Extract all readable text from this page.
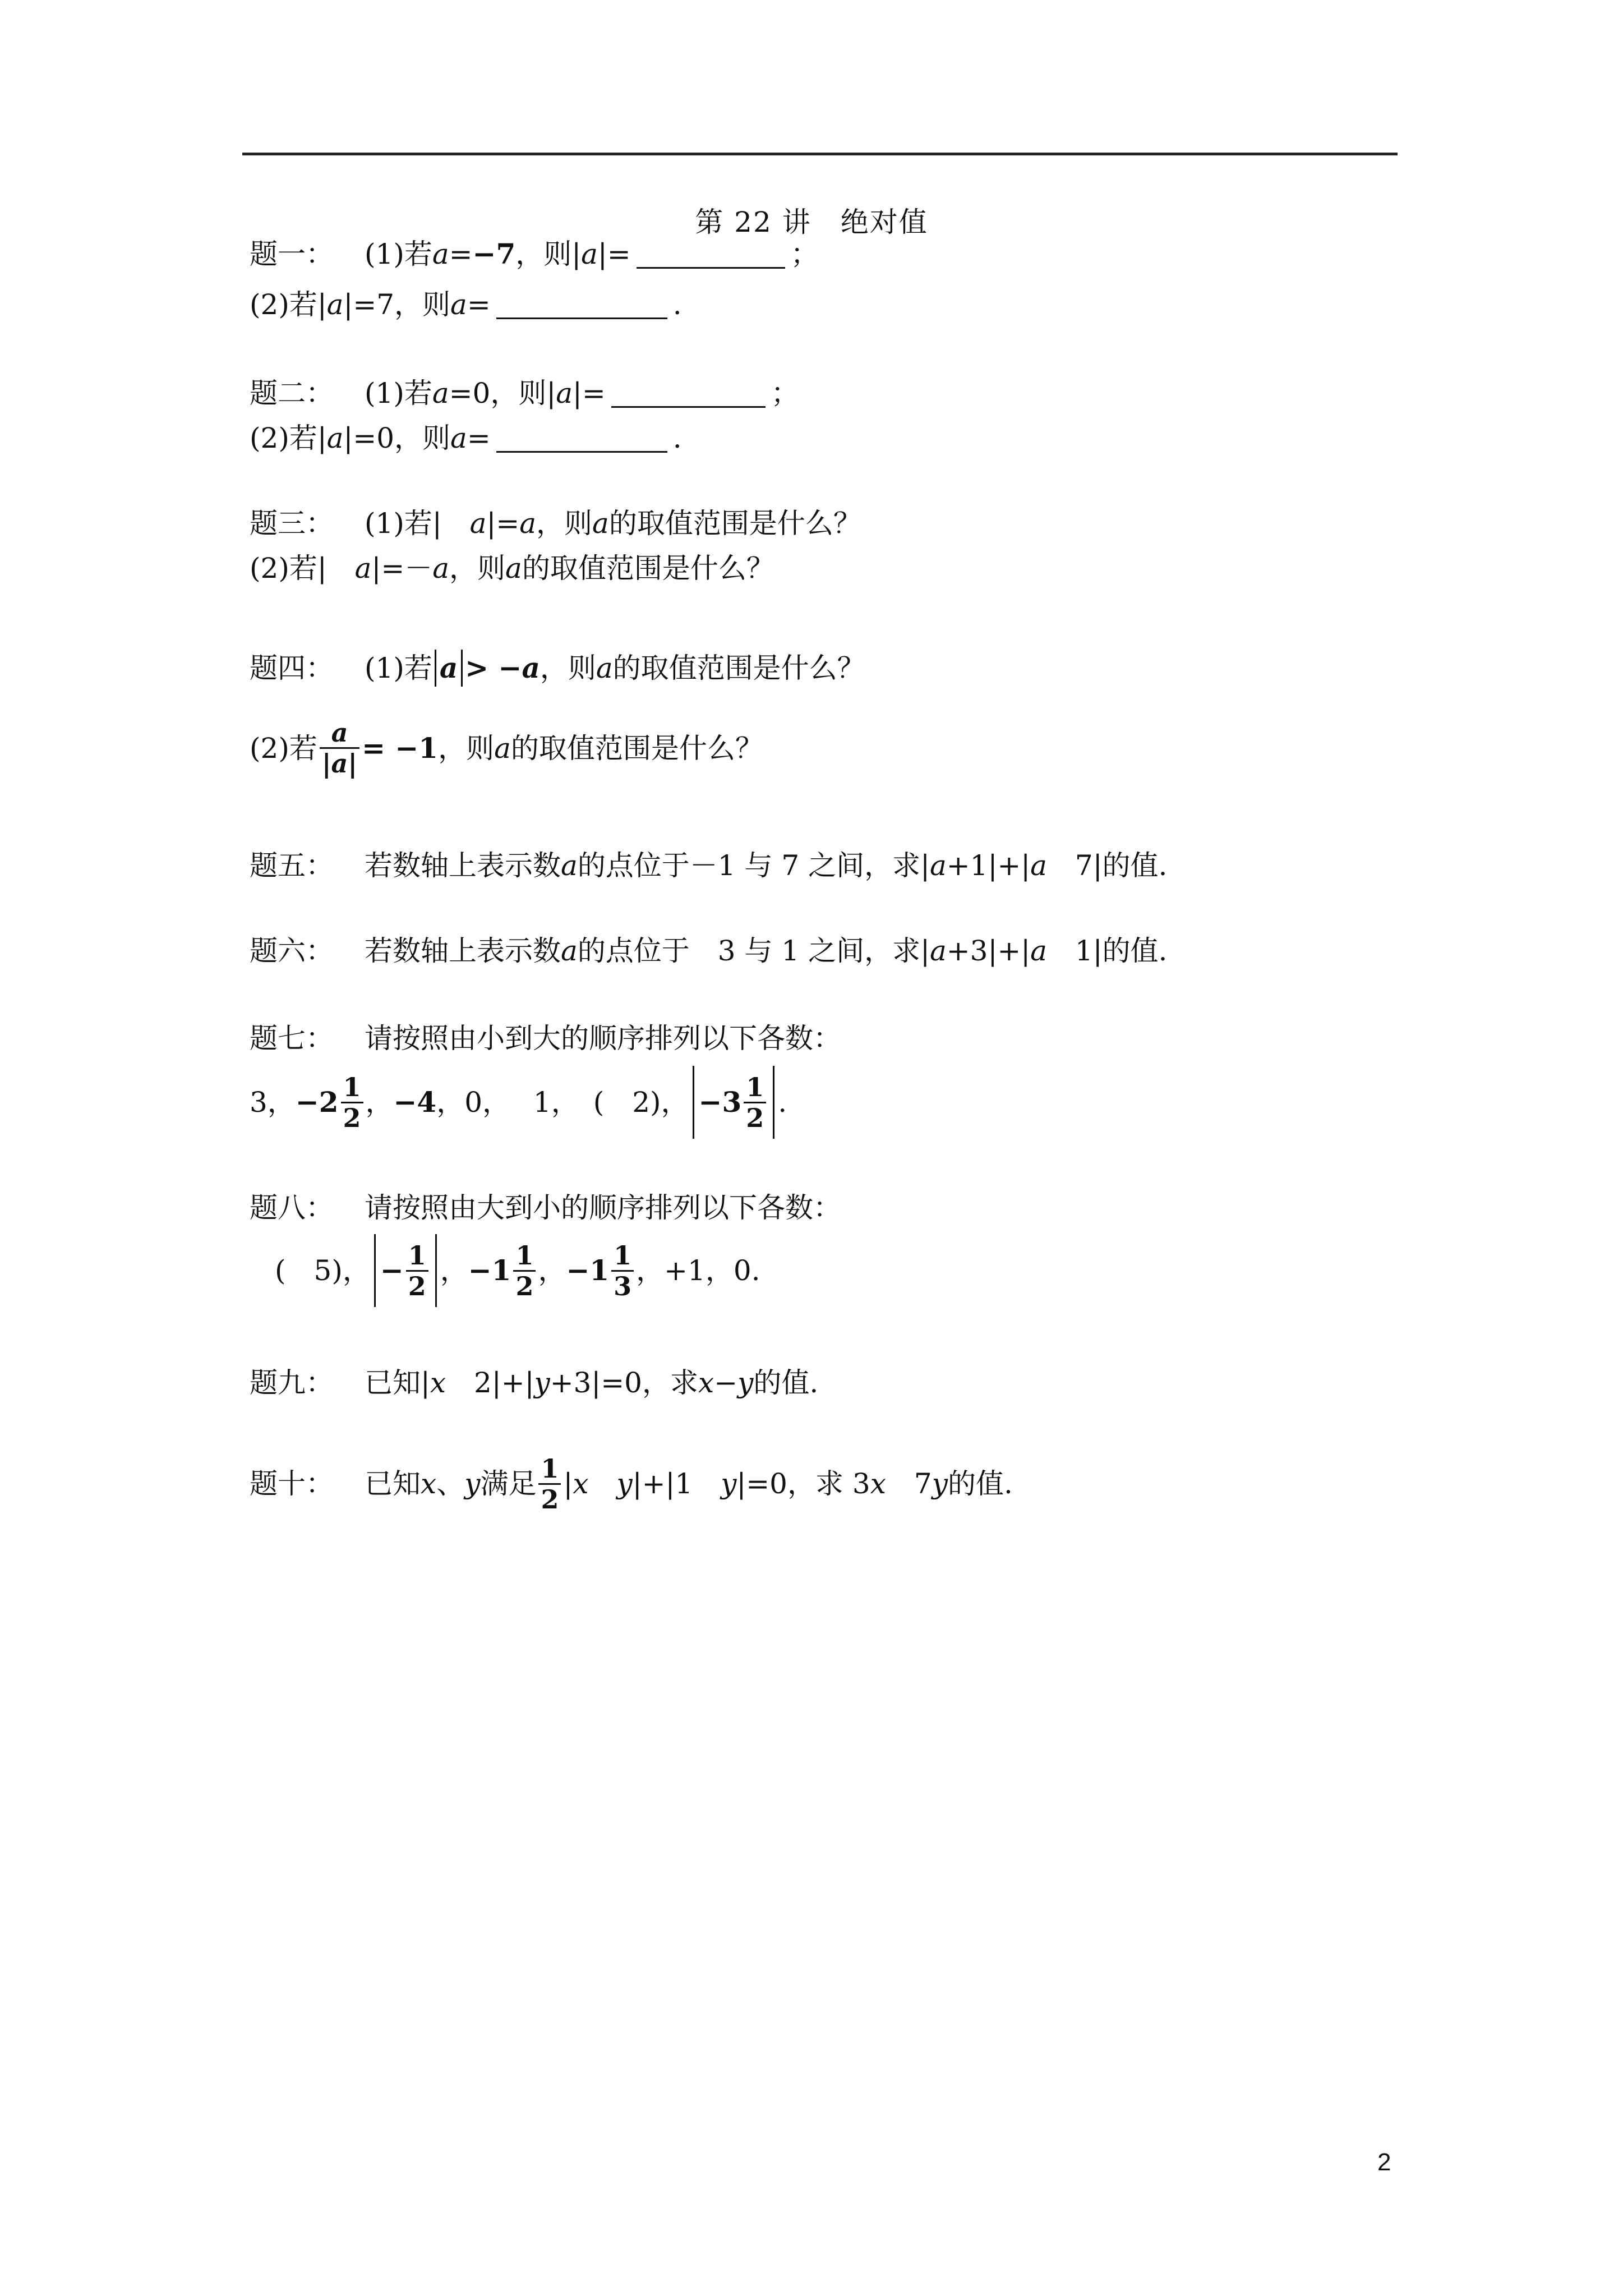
第 22 讲　绝对值
题一：	(1)若 a = −7 ，则| a |=	；
(2)若| a |=7，则 a =	.
题二：	(1)若 a =0，则| a |=	；
(2)若| a |=0，则 a =	.
题三：	(1)若|　 a |= a ，则 a 的取值范围是什么？
(2)若|　 a |=－ a ，则 a 的取值范围是什么？
题四：	(1)若 a > − a ，则 a 的取值范围是什么？
(2)若 $\frac{a}{|a|} = -1$ ，则 a 的取值范围是什么？
题五：	若数轴上表示数 a 的点位于－1 与 7 之间，求| a +1|+| a 　7|的值.
题六：	若数轴上表示数 a 的点位于　3 与 1 之间，求| a +3|+| a 　1|的值.
题七：	请按照由小到大的顺序排列以下各数：
3， $-2 \frac{1}{2}$ ， −4 ，0，　 1，　(　2)， $-3 \frac{1}{2}$ .
题八：	请按照由大到小的顺序排列以下各数：
(　5)， − $\frac{1}{2}$ ， $-1 \frac{1}{2}$ ， $-1 \frac{1}{3}$ ，+1，0.
题九：	已知| x 　2|+| y +3|=0，求 x − y 的值.
题十：	已知 x 、 y 满足 $\frac{1}{2}$ | x
　 y |+|1　 y |=0，求 3 x 　7 y 的值.
2
